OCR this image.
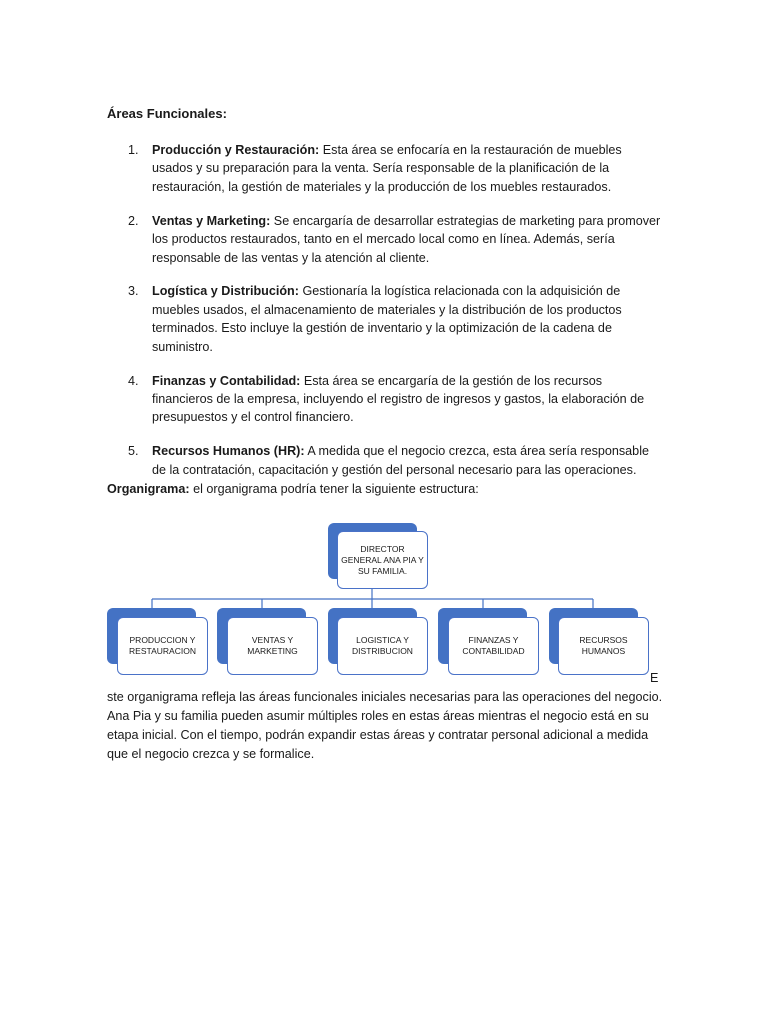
Áreas Funcionales:
1. Producción y Restauración: Esta área se enfocaría en la restauración de muebles usados y su preparación para la venta. Sería responsable de la planificación de la restauración, la gestión de materiales y la producción de los muebles restaurados.
2. Ventas y Marketing: Se encargaría de desarrollar estrategias de marketing para promover los productos restaurados, tanto en el mercado local como en línea. Además, sería responsable de las ventas y la atención al cliente.
3. Logística y Distribución: Gestionaría la logística relacionada con la adquisición de muebles usados, el almacenamiento de materiales y la distribución de los productos terminados. Esto incluye la gestión de inventario y la optimización de la cadena de suministro.
4. Finanzas y Contabilidad: Esta área se encargaría de la gestión de los recursos financieros de la empresa, incluyendo el registro de ingresos y gastos, la elaboración de presupuestos y el control financiero.
5. Recursos Humanos (HR): A medida que el negocio crezca, esta área sería responsable de la contratación, capacitación y gestión del personal necesario para las operaciones.
Organigrama: el organigrama podría tener la siguiente estructura:
DIRECTOR GENERAL ANA PIA Y SU FAMILIA.
PRODUCCION Y RESTAURACION
VENTAS Y MARKETING
LOGISTICA Y DISTRIBUCION
FINANZAS Y CONTABILIDAD
RECURSOS HUMANOS
E
ste organigrama refleja las áreas funcionales iniciales necesarias para las operaciones del negocio. Ana Pia y su familia pueden asumir múltiples roles en estas áreas mientras el negocio está en su etapa inicial. Con el tiempo, podrán expandir estas áreas y contratar personal adicional a medida que el negocio crezca y se formalice.
